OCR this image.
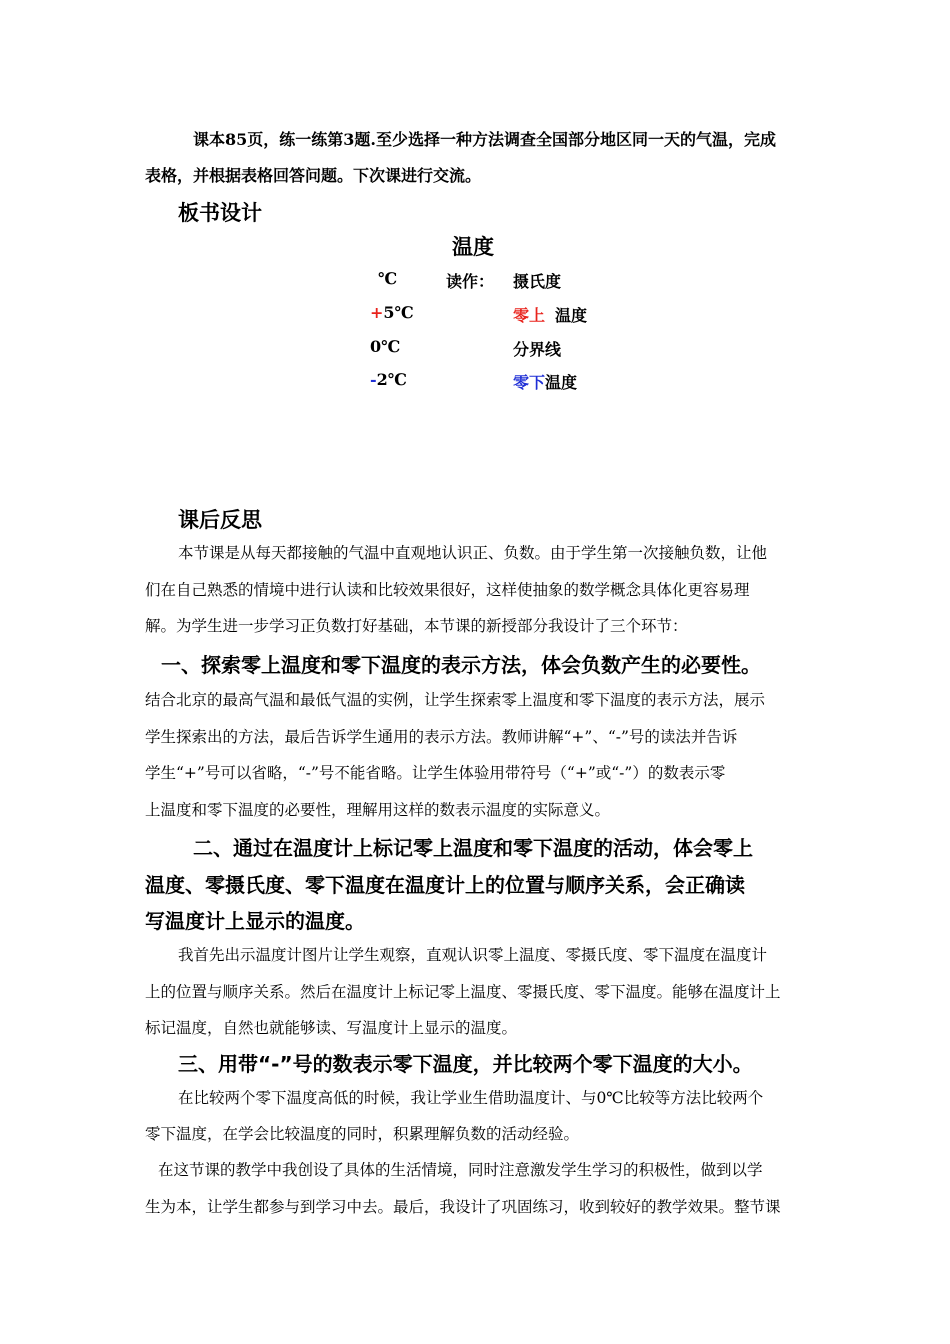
课本85页，练一练第3题.至少选择一种方法调查全国部分地区同一天的气温，完成
表格，并根据表格回答问题。下次课进行交流。
板书设计
温度
℃	读作： 摄氏度
+5℃	零上 温度
0℃	分界线
-2℃	零下温度
课后反思
本节课是从每天都接触的气温中直观地认识正、负数。由于学生第一次接触负数，让他
们在自己熟悉的情境中进行认读和比较效果很好，这样使抽象的数学概念具体化更容易理
解。为学生进一步学习正负数打好基础，本节课的新授部分我设计了三个环节：
一、探索零上温度和零下温度的表示方法，体会负数产生的必要性。
结合北京的最高气温和最低气温的实例，让学生探索零上温度和零下温度的表示方法，展示
学生探索出的方法，最后告诉学生通用的表示方法。教师讲解“+”、“-”号的读法并告诉
学生“+”号可以省略，“-”号不能省略。让学生体验用带符号（“+”或“-”）的数表示零
上温度和零下温度的必要性，理解用这样的数表示温度的实际意义。
二、通过在温度计上标记零上温度和零下温度的活动，体会零上
温度、零摄氏度、零下温度在温度计上的位置与顺序关系，会正确读
写温度计上显示的温度。
我首先出示温度计图片让学生观察，直观认识零上温度、零摄氏度、零下温度在温度计
上的位置与顺序关系。然后在温度计上标记零上温度、零摄氏度、零下温度。能够在温度计上
标记温度，自然也就能够读、写温度计上显示的温度。
三、用带“-”号的数表示零下温度，并比较两个零下温度的大小。
在比较两个零下温度高低的时候，我让学业生借助温度计、与0℃比较等方法比较两个
零下温度，在学会比较温度的同时，积累理解负数的活动经验。
在这节课的教学中我创设了具体的生活情境，同时注意激发学生学习的积极性，做到以学
生为本，让学生都参与到学习中去。最后，我设计了巩固练习，收到较好的教学效果。整节课
